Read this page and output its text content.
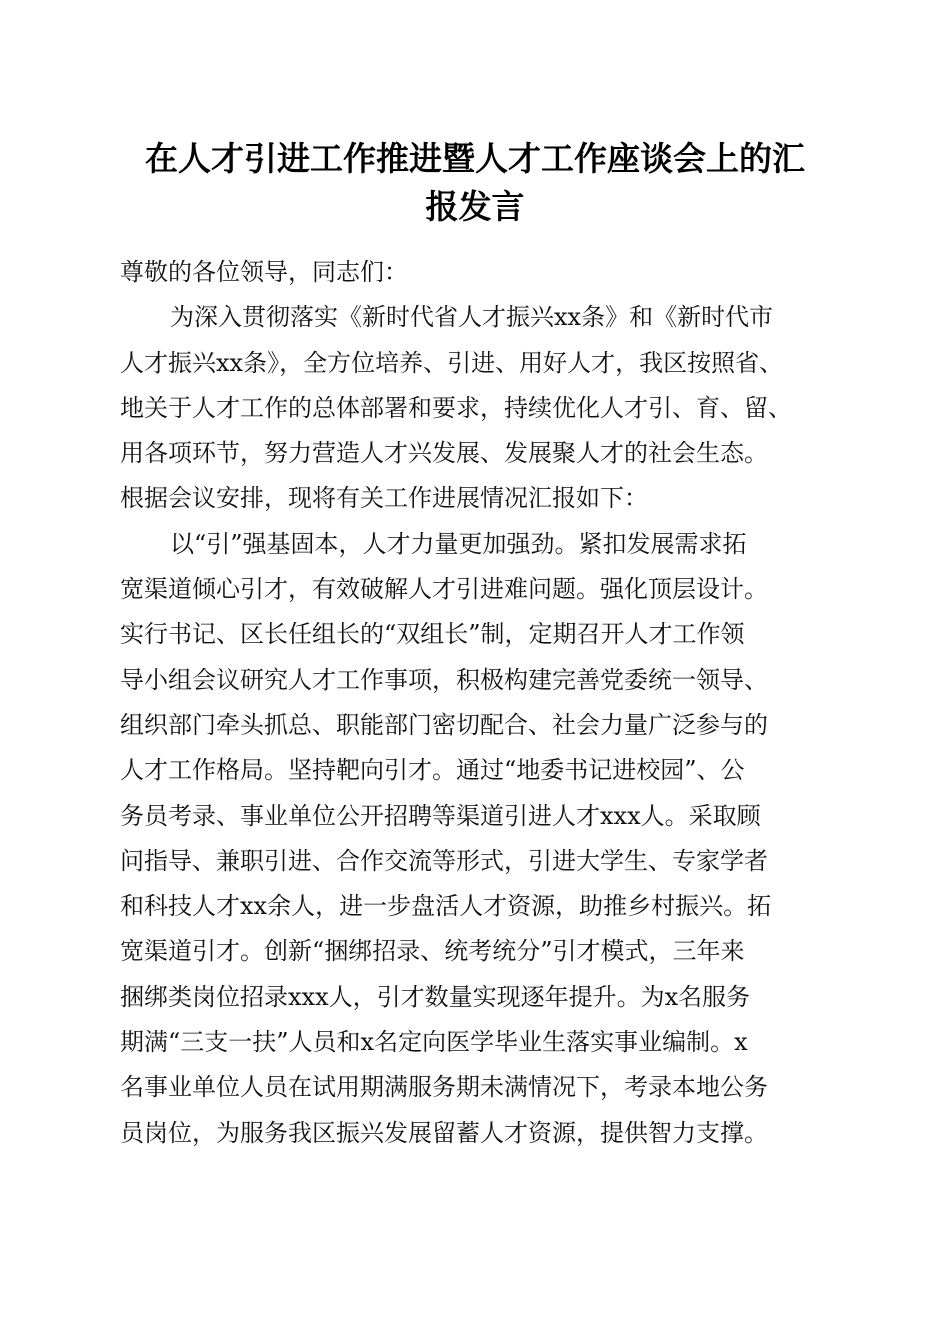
在人才引进工作推进暨人才工作座谈会上的汇
报发言
尊敬的各位领导，同志们：
为深入贯彻落实《新时代省人才振兴xx条》和《新时代市
人才振兴xx条》，全方位培养、引进、用好人才，我区按照省、
地关于人才工作的总体部署和要求，持续优化人才引、育、留、
用各项环节，努力营造人才兴发展、发展聚人才的社会生态。
根据会议安排，现将有关工作进展情况汇报如下：
以“引”强基固本，人才力量更加强劲。紧扣发展需求拓
宽渠道倾心引才，有效破解人才引进难问题。强化顶层设计。
实行书记、区长任组长的“双组长”制，定期召开人才工作领
导小组会议研究人才工作事项，积极构建完善党委统一领导、
组织部门牵头抓总、职能部门密切配合、社会力量广泛参与的
人才工作格局。坚持靶向引才。通过“地委书记进校园”、公
务员考录、事业单位公开招聘等渠道引进人才xxx人。采取顾
问指导、兼职引进、合作交流等形式，引进大学生、专家学者
和科技人才xx余人，进一步盘活人才资源，助推乡村振兴。拓
宽渠道引才。创新“捆绑招录、统考统分”引才模式，三年来
捆绑类岗位招录xxx人，引才数量实现逐年提升。为x名服务
期满“三支一扶”人员和x名定向医学毕业生落实事业编制。x
名事业单位人员在试用期满服务期未满情况下，考录本地公务
员岗位，为服务我区振兴发展留蓄人才资源，提供智力支撑。
